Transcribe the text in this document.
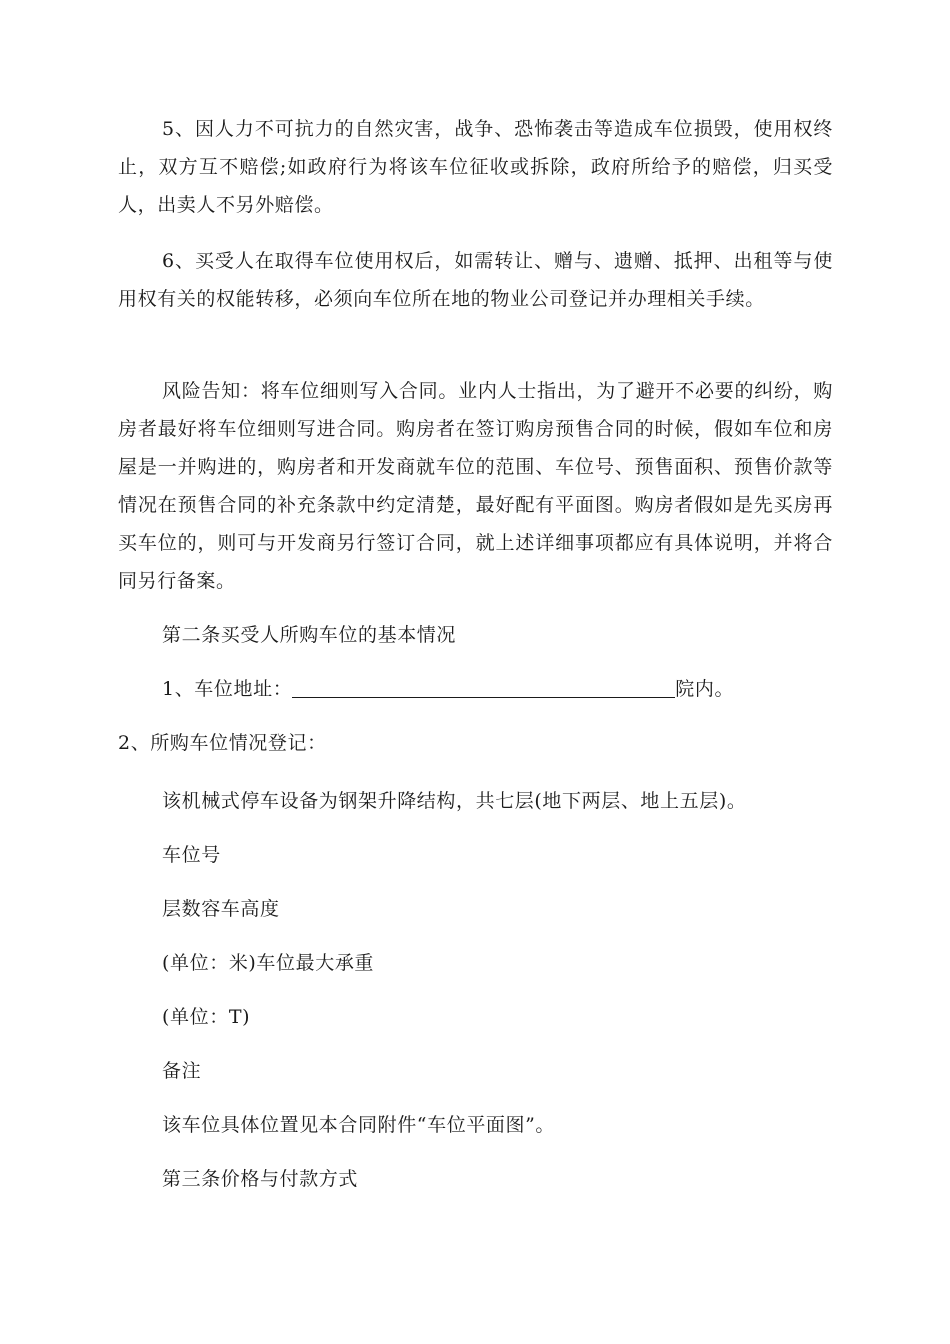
5、因人力不可抗力的自然灾害，战争、恐怖袭击等造成车位损毁，使用权终止，双方互不赔偿;如政府行为将该车位征收或拆除，政府所给予的赔偿，归买受人，出卖人不另外赔偿。

6、买受人在取得车位使用权后，如需转让、赠与、遗赠、抵押、出租等与使用权有关的权能转移，必须向车位所在地的物业公司登记并办理相关手续。

风险告知：将车位细则写入合同。业内人士指出，为了避开不必要的纠纷，购房者最好将车位细则写进合同。购房者在签订购房预售合同的时候，假如车位和房屋是一并购进的，购房者和开发商就车位的范围、车位号、预售面积、预售价款等情况在预售合同的补充条款中约定清楚，最好配有平面图。购房者假如是先买房再买车位的，则可与开发商另行签订合同，就上述详细事项都应有具体说明，并将合同另行备案。

第二条买受人所购车位的基本情况

1、车位地址：	院内。

2、所购车位情况登记：

该机械式停车设备为钢架升降结构，共七层(地下两层、地上五层)。

车位号

层数容车高度

(单位：米)车位最大承重

(单位：T)

备注

该车位具体位置见本合同附件“车位平面图”。

第三条价格与付款方式
